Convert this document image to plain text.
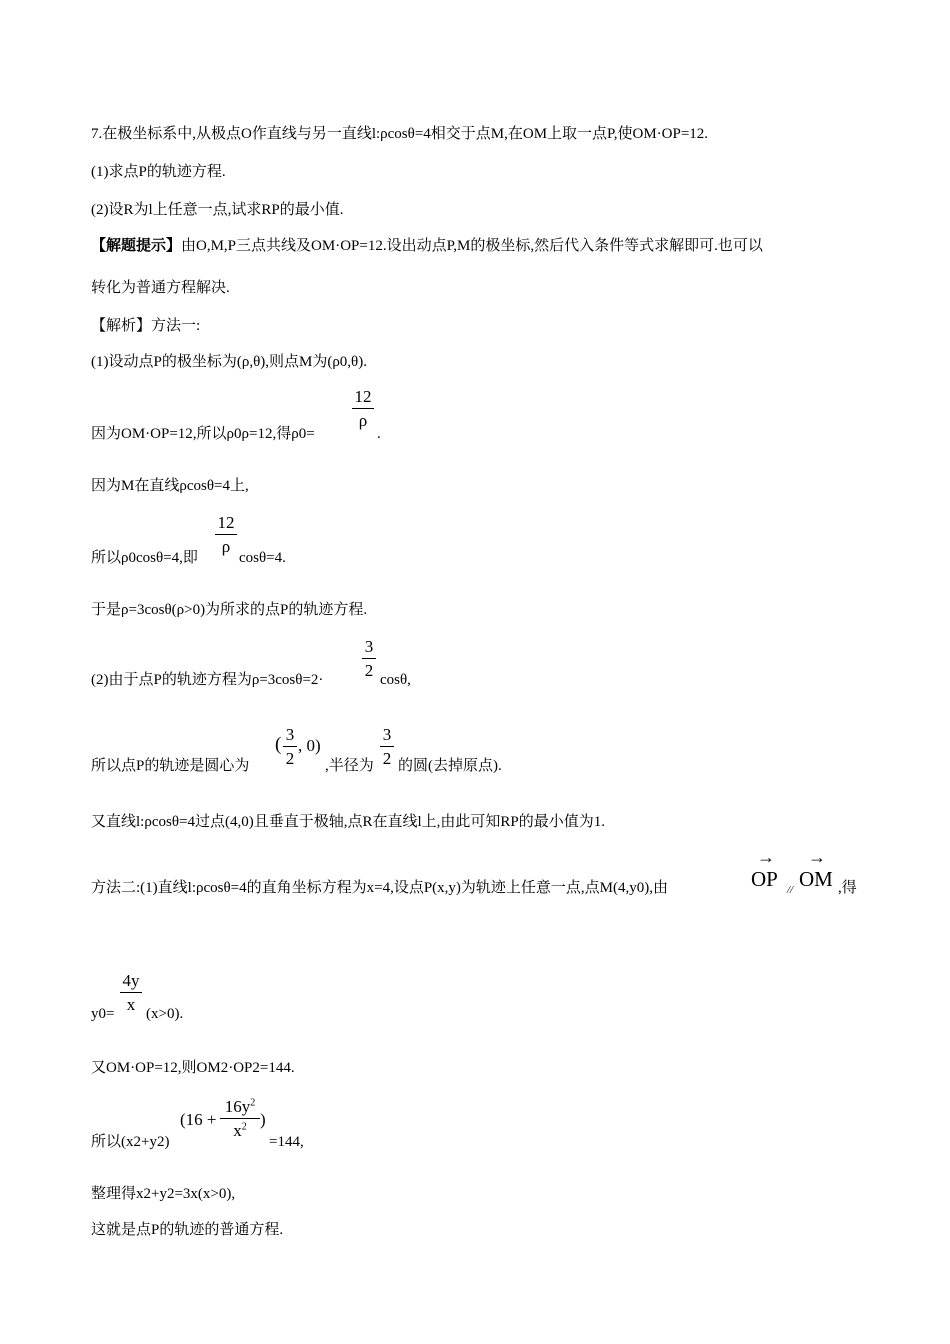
7.在极坐标系中,从极点O作直线与另一直线l:ρcosθ=4相交于点M,在OM上取一点P,使OM·OP=12.
(1)求点P的轨迹方程.
(2)设R为l上任意一点,试求RP的最小值.
【解题提示】由O,M,P三点共线及OM·OP=12.设出动点P,M的极坐标,然后代入条件等式求解即可.也可以
转化为普通方程解决.
【解析】方法一:
(1)设动点P的极坐标为(ρ,θ),则点M为(ρ0,θ).
因为OM·OP=12,所以ρ0ρ=12,得ρ0=
12
ρ
.
因为M在直线ρcosθ=4上,
所以ρ0cosθ=4,即
12
ρ
cosθ=4.
于是ρ=3cosθ(ρ>0)为所求的点P的轨迹方程.
(2)由于点P的轨迹方程为ρ=3cosθ=2·
3
2 cosθ,
所以点P的轨迹是圆心为
( 3
2
, 0)
,半径为
3
2 的圆(去掉原点).
又直线l:ρcosθ=4过点(4,0)且垂直于极轴,点R在直线l上,由此可知RP的最小值为1.
方法二:(1)直线l:ρcosθ=4的直角坐标方程为x=4,设点P(x,y)为轨迹上任意一点,点M(4,y0),由
→
OP //
→
OM ,得
y0=
4y
x (x>0).
又OM·OP=12,则OM2·OP2=144.
所以(x2+y2)
(16 +
$16y^2$
$x^2$ )
=144,
整理得x2+y2=3x(x>0),
这就是点P的轨迹的普通方程.
